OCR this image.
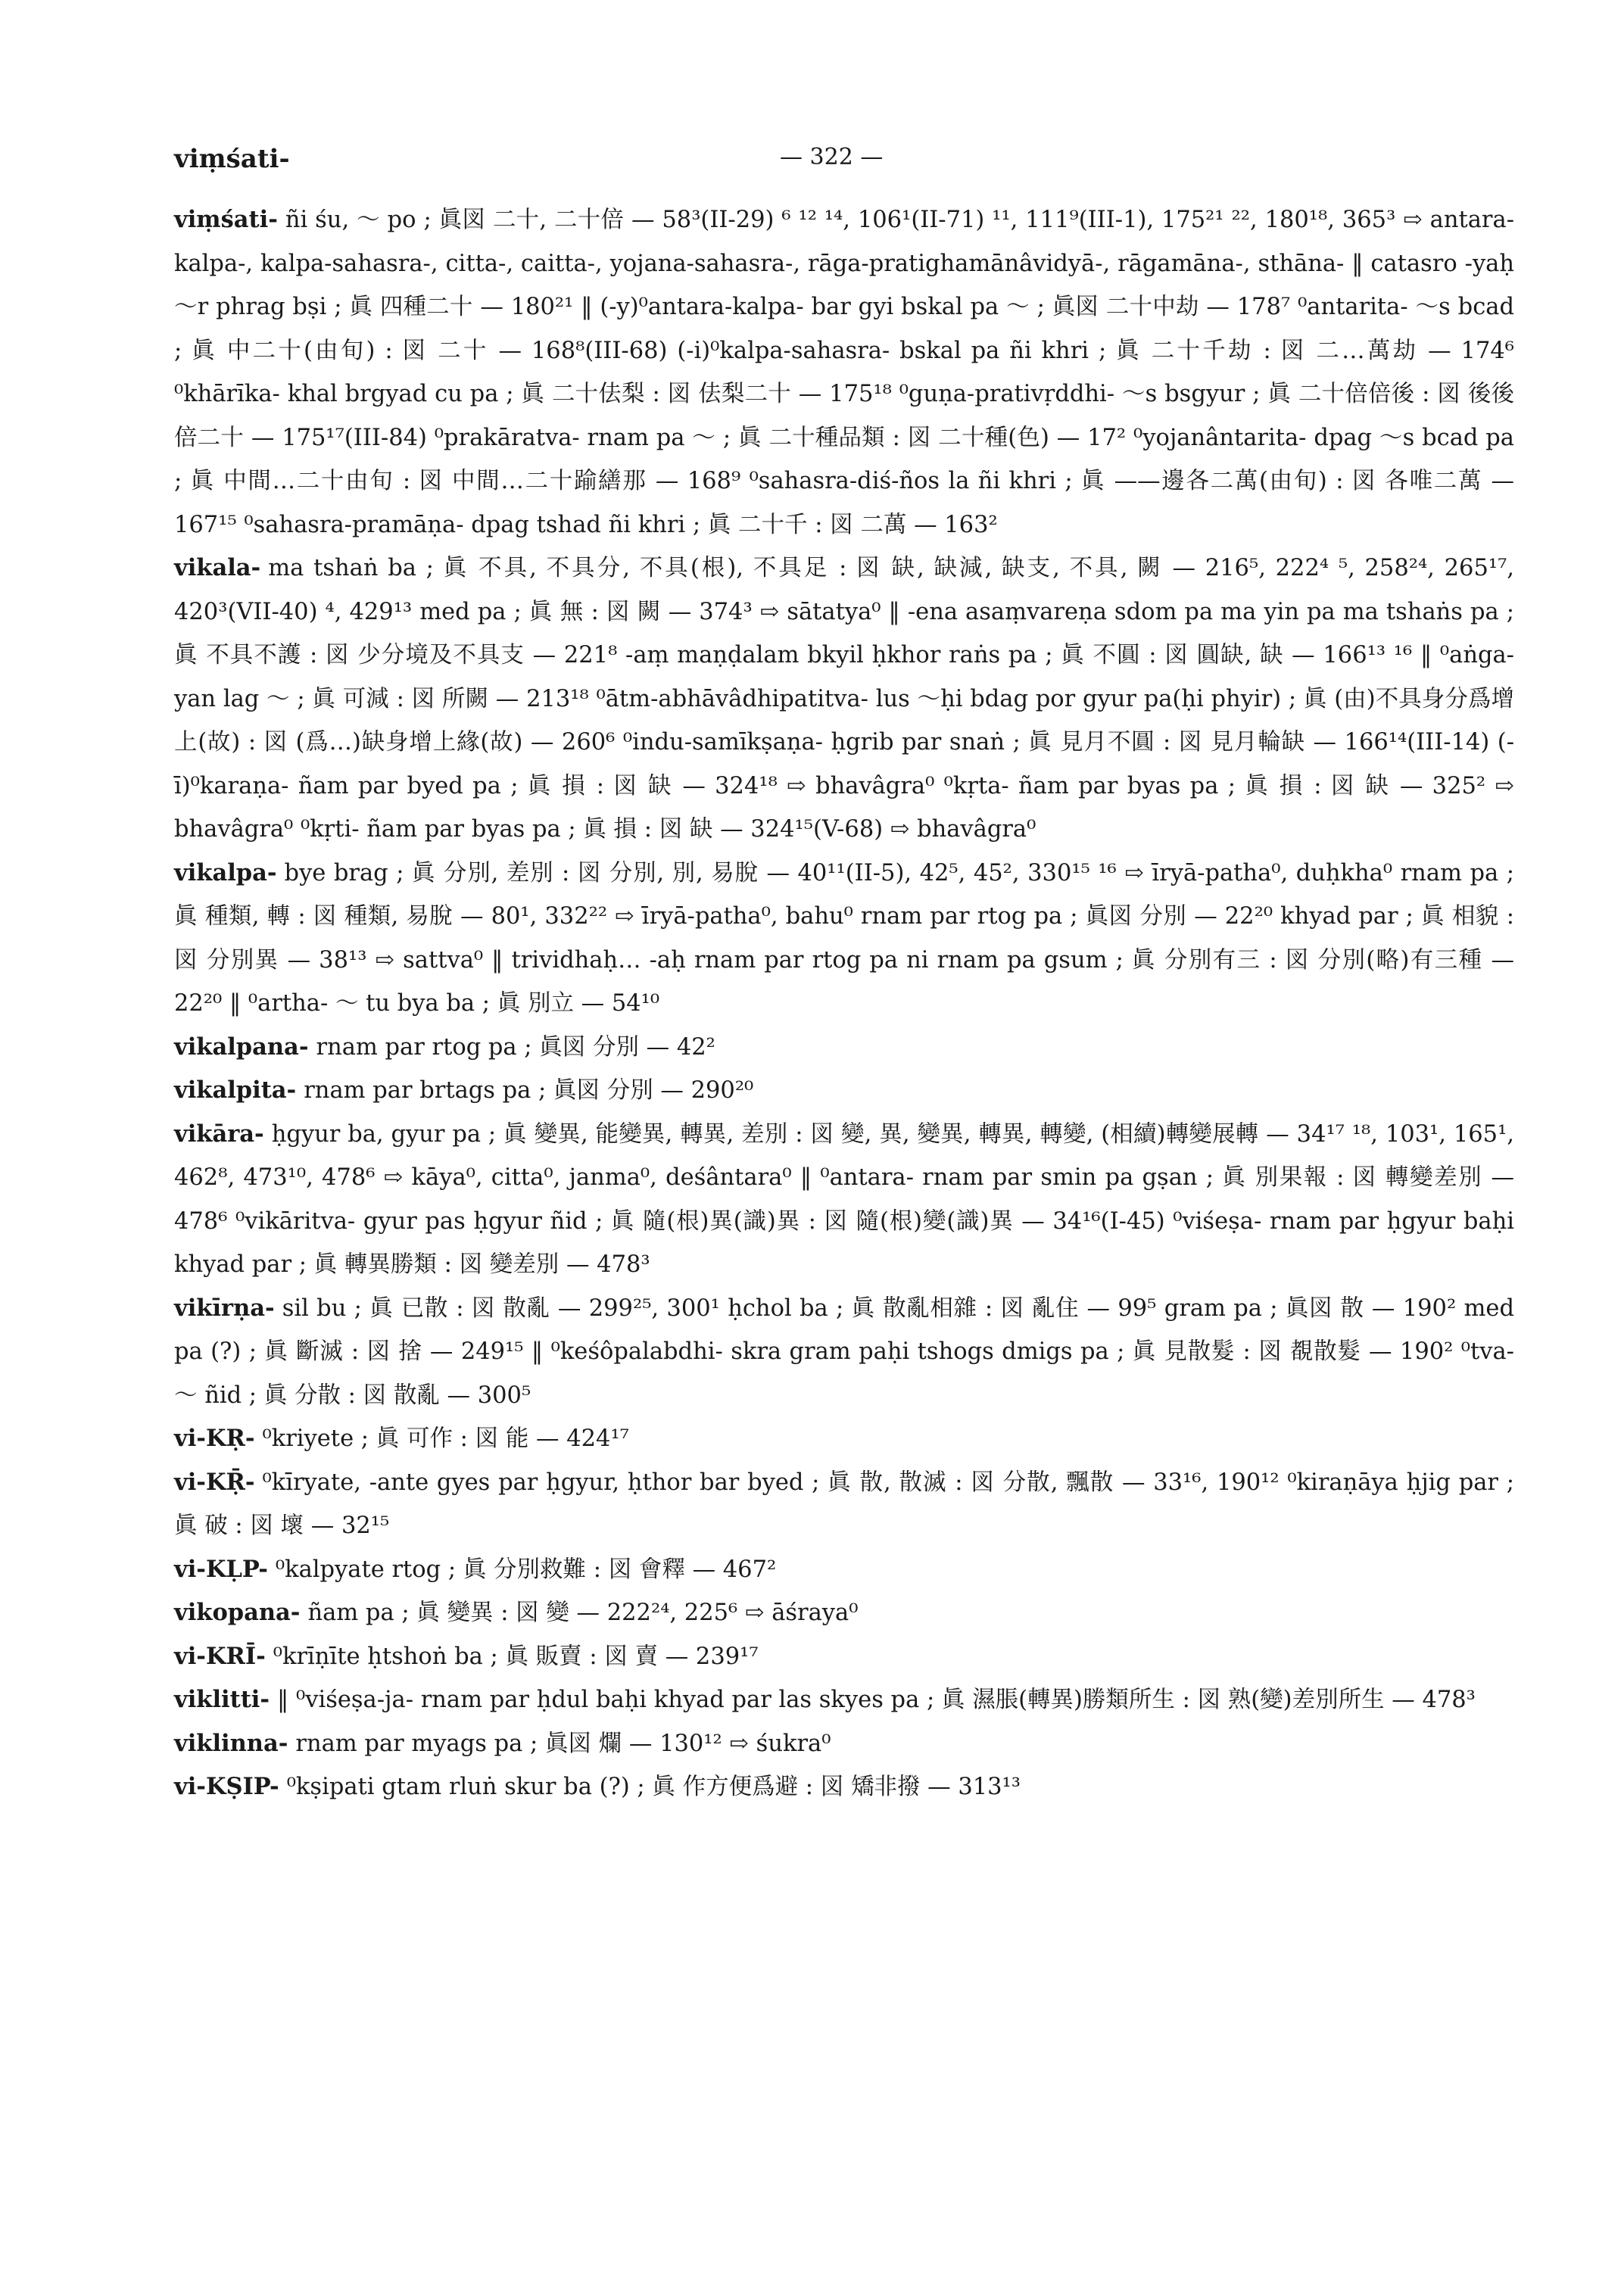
viṃśati-	— 322 —

viṃśati- ñi śu, ～ po ; 眞図 二十, 二十倍 — 58³(II-29) ⁶ ¹² ¹⁴, 106¹(II-71) ¹¹, 111⁹(III-1), 175²¹ ²², 180¹⁸, 365³ ⇨ antara-kalpa-, kalpa-sahasra-, citta-, caitta-, yojana-sahasra-, rāga-pratighamānâvidyā-, rāgamāna-, sthāna- ‖ catasro -yaḥ ～r phrag bṣi ; 眞 四種二十 — 180²¹ ‖ (-y)⁰antara-kalpa- bar gyi bskal pa ～ ; 眞図 二十中劫 — 178⁷ ⁰antarita- ～s bcad ; 眞 中二十(由旬) : 図 二十 — 168⁸(III-68) (-i)⁰kalpa-sahasra- bskal pa ñi khri ; 眞 二十千劫 : 図 二…萬劫 — 174⁶ ⁰khārīka- khal brgyad cu pa ; 眞 二十佉梨 : 図 佉梨二十 — 175¹⁸ ⁰guṇa-prativṛddhi- ～s bsgyur ; 眞 二十倍倍後 : 図 後後倍二十 — 175¹⁷(III-84) ⁰prakāratva- rnam pa ～ ; 眞 二十種品類 : 図 二十種(色) — 17² ⁰yojanântarita- dpag ～s bcad pa ; 眞 中間…二十由旬 : 図 中間…二十踰繕那 — 168⁹ ⁰sahasra-diś-ños la ñi khri ; 眞 ——邊各二萬(由旬) : 図 各唯二萬 — 167¹⁵ ⁰sahasra-pramāṇa- dpag tshad ñi khri ; 眞 二十千 : 図 二萬 — 163²

vikala- ma tshaṅ ba ; 眞 不具, 不具分, 不具(根), 不具足 : 図 缺, 缺減, 缺支, 不具, 闕 — 216⁵, 222⁴ ⁵, 258²⁴, 265¹⁷, 420³(VII-40) ⁴, 429¹³ med pa ; 眞 無 : 図 闕 — 374³ ⇨ sātatya⁰ ‖ -ena asaṃvareṇa sdom pa ma yin pa ma tshaṅs pa ; 眞 不具不護 : 図 少分境及不具支 — 221⁸ -aṃ maṇḍalam bkyil ḥkhor raṅs pa ; 眞 不圓 : 図 圓缺, 缺 — 166¹³ ¹⁶ ‖ ⁰aṅga- yan lag ～ ; 眞 可減 : 図 所闕 — 213¹⁸ ⁰ātm-abhāvâdhipatitva- lus ～ḥi bdag por gyur pa(ḥi phyir) ; 眞 (由)不具身分爲增上(故) : 図 (爲…)缺身增上緣(故) — 260⁶ ⁰indu-samīkṣaṇa- ḥgrib par snaṅ ; 眞 見月不圓 : 図 見月輪缺 — 166¹⁴(III-14) (-ī)⁰karaṇa- ñam par byed pa ; 眞 損 : 図 缺 — 324¹⁸ ⇨ bhavâgra⁰ ⁰kṛta- ñam par byas pa ; 眞 損 : 図 缺 — 325² ⇨ bhavâgra⁰ ⁰kṛti- ñam par byas pa ; 眞 損 : 図 缺 — 324¹⁵(V-68) ⇨ bhavâgra⁰

vikalpa- bye brag ; 眞 分別, 差別 : 図 分別, 別, 易脫 — 40¹¹(II-5), 42⁵, 45², 330¹⁵ ¹⁶ ⇨ īryā-patha⁰, duḥkha⁰ rnam pa ; 眞 種類, 轉 : 図 種類, 易脫 — 80¹, 332²² ⇨ īryā-patha⁰, bahu⁰ rnam par rtog pa ; 眞図 分別 — 22²⁰ khyad par ; 眞 相貌 : 図 分別異 — 38¹³ ⇨ sattva⁰ ‖ trividhaḥ… -aḥ rnam par rtog pa ni rnam pa gsum ; 眞 分別有三 : 図 分別(略)有三種 — 22²⁰ ‖ ⁰artha- ～ tu bya ba ; 眞 別立 — 54¹⁰

vikalpana- rnam par rtog pa ; 眞図 分別 — 42²

vikalpita- rnam par brtags pa ; 眞図 分別 — 290²⁰

vikāra- ḥgyur ba, gyur pa ; 眞 變異, 能變異, 轉異, 差別 : 図 變, 異, 變異, 轉異, 轉變, (相續)轉變展轉 — 34¹⁷ ¹⁸, 103¹, 165¹, 462⁸, 473¹⁰, 478⁶ ⇨ kāya⁰, citta⁰, janma⁰, deśântara⁰ ‖ ⁰antara- rnam par smin pa gṣan ; 眞 別果報 : 図 轉變差別 — 478⁶ ⁰vikāritva- gyur pas ḥgyur ñid ; 眞 隨(根)異(識)異 : 図 隨(根)變(識)異 — 34¹⁶(I-45) ⁰viśeṣa- rnam par ḥgyur baḥi khyad par ; 眞 轉異勝類 : 図 變差別 — 478³

vikīrṇa- sil bu ; 眞 已散 : 図 散亂 — 299²⁵, 300¹ ḥchol ba ; 眞 散亂相雜 : 図 亂住 — 99⁵ gram pa ; 眞図 散 — 190² med pa (?) ; 眞 斷滅 : 図 捨 — 249¹⁵ ‖ ⁰keśôpalabdhi- skra gram paḥi tshogs dmigs pa ; 眞 見散髮 : 図 覩散髮 — 190² ⁰tva- ～ ñid ; 眞 分散 : 図 散亂 — 300⁵

vi-KṚ- ⁰kriyete ; 眞 可作 : 図 能 — 424¹⁷

vi-KṜ- ⁰kīryate, -ante gyes par ḥgyur, ḥthor bar byed ; 眞 散, 散滅 : 図 分散, 飄散 — 33¹⁶, 190¹² ⁰kiraṇāya ḥjig par ; 眞 破 : 図 壞 — 32¹⁵

vi-KḶP- ⁰kalpyate rtog ; 眞 分別救難 : 図 會釋 — 467²

vikopana- ñam pa ; 眞 變異 : 図 變 — 222²⁴, 225⁶ ⇨ āśraya⁰

vi-KRĪ- ⁰krīṇīte ḥtshoṅ ba ; 眞 販賣 : 図 賣 — 239¹⁷

viklitti- ‖ ⁰viśeṣa-ja- rnam par ḥdul baḥi khyad par las skyes pa ; 眞 濕脹(轉異)勝類所生 : 図 熟(變)差別所生 — 478³

viklinna- rnam par myags pa ; 眞図 爛 — 130¹² ⇨ śukra⁰

vi-KṢIP- ⁰kṣipati gtam rluṅ skur ba (?) ; 眞 作方便爲避 : 図 矯非撥 — 313¹³
